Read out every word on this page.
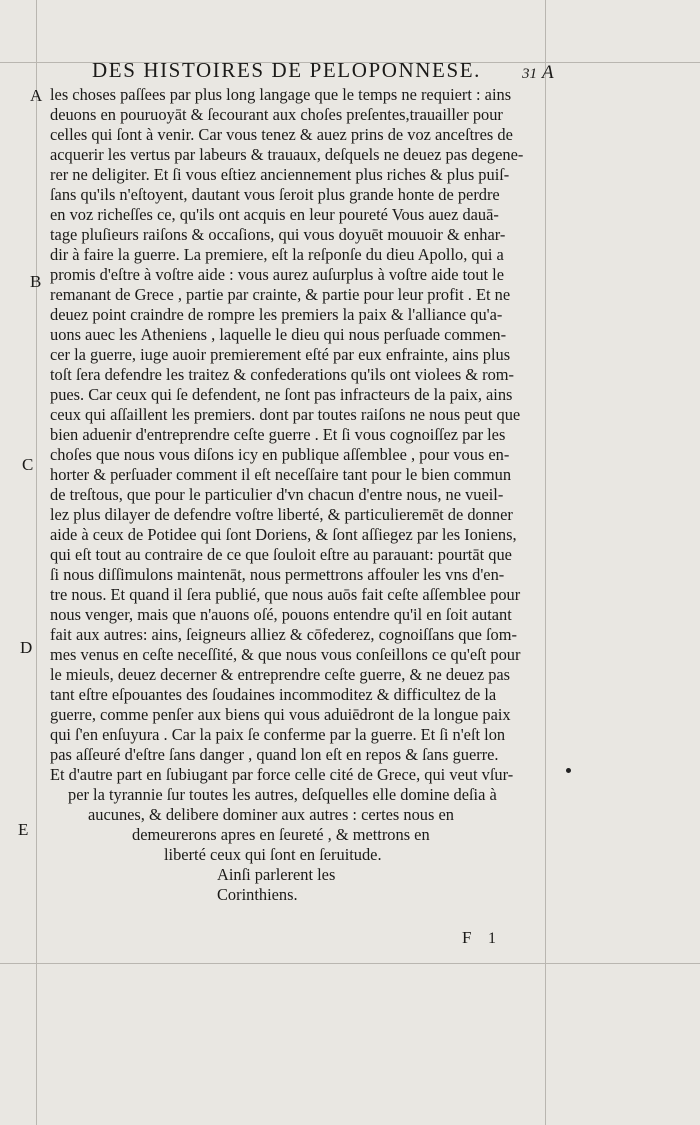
DES HISTOIRES DE PELOPONNESE.	31 A
A
B
C
D
E
les choses paſſees par plus long langage que le temps ne requiert : ains
deuons en pouruoyāt & ſecourant aux choſes preſentes,trauailler pour
celles qui ſont à venir. Car vous tenez & auez prins de voz anceſtres de
acquerir les vertus par labeurs & trauaux, deſquels ne deuez pas degene-
rer ne deligiter. Et ſi vous eſtiez anciennement plus riches & plus puiſ-
ſans qu'ils n'eſtoyent, dautant vous ſeroit plus grande honte de perdre
en voz richeſſes ce, qu'ils ont acquis en leur poureté Vous auez dauā-
tage pluſieurs raiſons & occaſions, qui vous doyuēt mouuoir & enhar-
dir à faire la guerre. La premiere, eſt la reſponſe du dieu Apollo, qui a
promis d'eſtre à voſtre aide : vous aurez auſurplus à voſtre aide tout le
remanant de Grece , partie par crainte, & partie pour leur profit . Et ne
deuez point craindre de rompre les premiers la paix & l'alliance qu'a-
uons auec les Atheniens , laquelle le dieu qui nous perſuade commen-
cer la guerre, iuge auoir premierement eſté par eux enfrainte, ains plus
toſt ſera defendre les traitez & confederations qu'ils ont violees & rom-
pues. Car ceux qui ſe defendent, ne ſont pas infracteurs de la paix, ains
ceux qui aſſaillent les premiers. dont par toutes raiſons ne nous peut que
bien aduenir d'entreprendre ceſte guerre . Et ſi vous cognoiſſez par les
choſes que nous vous diſons icy en publique aſſemblee , pour vous en-
horter & perſuader comment il eſt neceſſaire tant pour le bien commun
de treſtous, que pour le particulier d'vn chacun d'entre nous, ne vueil-
lez plus dilayer de defendre voſtre liberté, & particulieremēt de donner
aide à ceux de Potidee qui ſont Doriens, & ſont aſſiegez par les Ioniens,
qui eſt tout au contraire de ce que ſouloit eſtre au parauant: pourtāt que
ſi nous diſſimulons maintenāt, nous permettrons affouler les vns d'en-
tre nous. Et quand il ſera publié, que nous auōs fait ceſte aſſemblee pour
nous venger, mais que n'auons oſé, pouons entendre qu'il en ſoit autant
fait aux autres: ains, ſeigneurs alliez & cōfederez, cognoiſſans que ſom-
mes venus en ceſte neceſſité, & que nous vous conſeillons ce qu'eſt pour
le mieuls, deuez decerner & entreprendre ceſte guerre, & ne deuez pas
tant eſtre eſpouantes des ſoudaines incommoditez & difficultez de la
guerre, comme penſer aux biens qui vous aduiēdront de la longue paix
qui ſ'en enſuyura . Car la paix ſe conferme par la guerre. Et ſi n'eſt lon
pas aſſeuré d'eſtre ſans danger , quand lon eſt en repos & ſans guerre.
Et d'autre part en ſubiugant par force celle cité de Grece, qui veut vſur-
per la tyrannie ſur toutes les autres, deſquelles elle domine deſia à
aucunes, & delibere dominer aux autres : certes nous en
demeurerons apres en ſeureté , & mettrons en
liberté ceux qui ſont en ſeruitude.
Ainſi parlerent les
Corinthiens.
F 1
